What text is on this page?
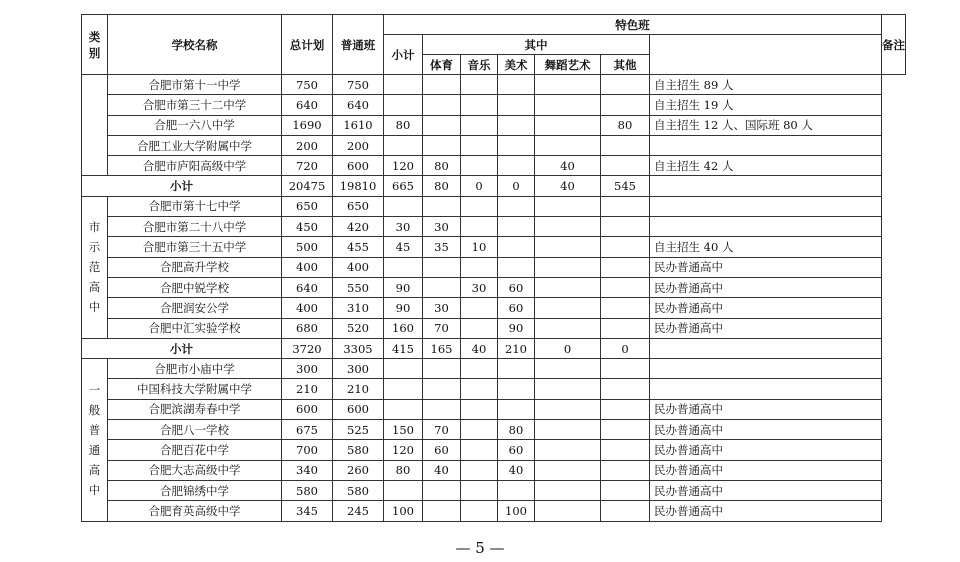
类别	学校名称	总计划	普通班	特色班							备注
				小计	其中						
					体育	音乐	美术	舞蹈艺术	其他		

	合肥市第十一中学	750	750							自主招生 89 人	
	合肥市第三十二中学	640	640							自主招生 19 人	
	合肥一六八中学	1690	1610	80					80	自主招生 12 人、国际班 80 人	
	合肥工业大学附属中学	200	200								
	合肥市庐阳高级中学	720	600	120	80			40		自主招生 42 人	
小计		20475	19810	665	80	0	0	40	545		

市示范高中	合肥市第十七中学	650	650								
	合肥市第二十八中学	450	420	30	30						
	合肥市第三十五中学	500	455	45	35	10				自主招生 40 人	
	合肥高升学校	400	400							民办普通高中	
	合肥中锐学校	640	550	90		30	60			民办普通高中	
	合肥润安公学	400	310	90	30		60			民办普通高中	
	合肥中汇实验学校	680	520	160	70		90			民办普通高中	
小计		3720	3305	415	165	40	210	0	0		

一般普通高中	合肥市小庙中学	300	300								
	中国科技大学附属中学	210	210								
	合肥滨湖寿春中学	600	600							民办普通高中	
	合肥八一学校	675	525	150	70		80			民办普通高中	
	合肥百花中学	700	580	120	60		60			民办普通高中	
	合肥大志高级中学	340	260	80	40		40			民办普通高中	
	合肥锦绣中学	580	580							民办普通高中	
	合肥育英高级中学	345	245	100			100			民办普通高中	
— 5 —
